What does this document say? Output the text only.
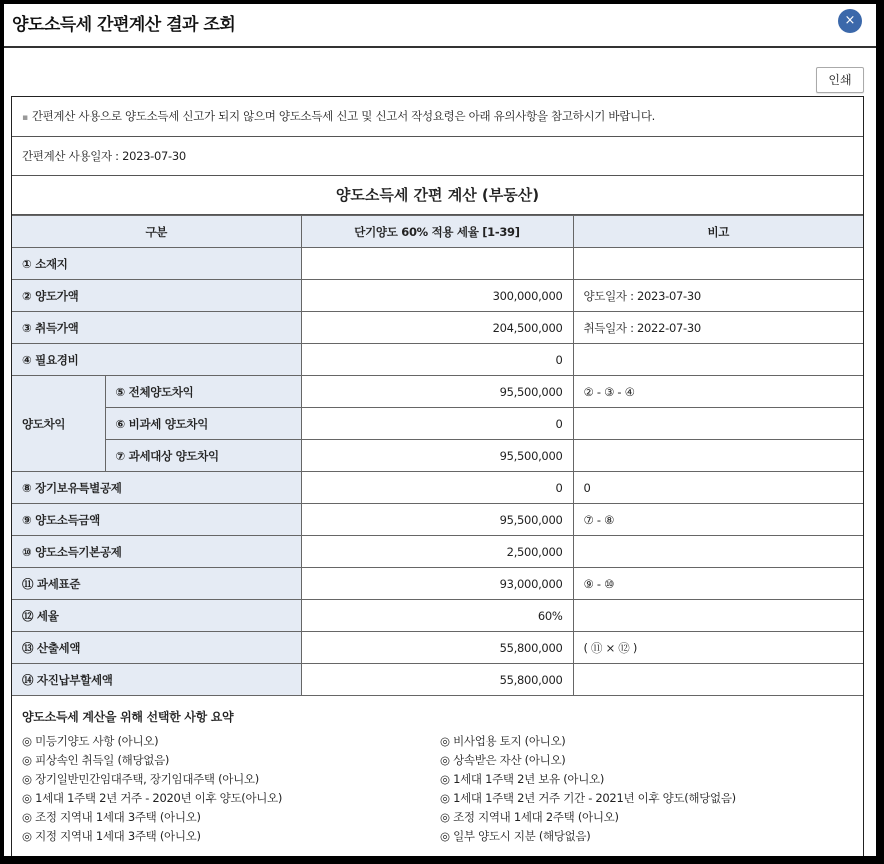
양도소득세 간편계산 결과 조회	×
인쇄
▪ 간편계산 사용으로 양도소득세 신고가 되지 않으며 양도소득세 신고 및 신고서 작성요령은 아래 유의사항을 참고하시기 바랍니다.
간편계산 사용일자 : 2023-07-30
양도소득세 간편 계산 (부동산)
구분		단기양도 60% 적용 세율 [1-39]	비고
① 소재지			
② 양도가액		300,000,000	양도일자 : 2023-07-30
③ 취득가액		204,500,000	취득일자 : 2022-07-30
④ 필요경비		0	
양도차익	⑤ 전체양도차익	95,500,000	② - ③ - ④
	⑥ 비과세 양도차익	0	
	⑦ 과세대상 양도차익	95,500,000	
⑧ 장기보유특별공제		0	0
⑨ 양도소득금액		95,500,000	⑦ - ⑧
⑩ 양도소득기본공제		2,500,000	
⑪ 과세표준		93,000,000	⑨ - ⑩
⑫ 세율		60%	
⑬ 산출세액		55,800,000	( ⑪ × ⑫ )
⑭ 자진납부할세액		55,800,000	
양도소득세 계산을 위해 선택한 사항 요약
◎ 미등기양도 사항 (아니오)	◎ 비사업용 토지 (아니오)
◎ 피상속인 취득일 (해당없음)	◎ 상속받은 자산 (아니오)
◎ 장기일반민간임대주택, 장기임대주택 (아니오)	◎ 1세대 1주택 2년 보유 (아니오)
◎ 1세대 1주택 2년 거주 - 2020년 이후 양도(아니오)	◎ 1세대 1주택 2년 거주 기간 - 2021년 이후 양도(해당없음)
◎ 조정 지역내 1세대 3주택 (아니오)	◎ 조정 지역내 1세대 2주택 (아니오)
◎ 지정 지역내 1세대 3주택 (아니오)	◎ 일부 양도시 지분 (해당없음)
